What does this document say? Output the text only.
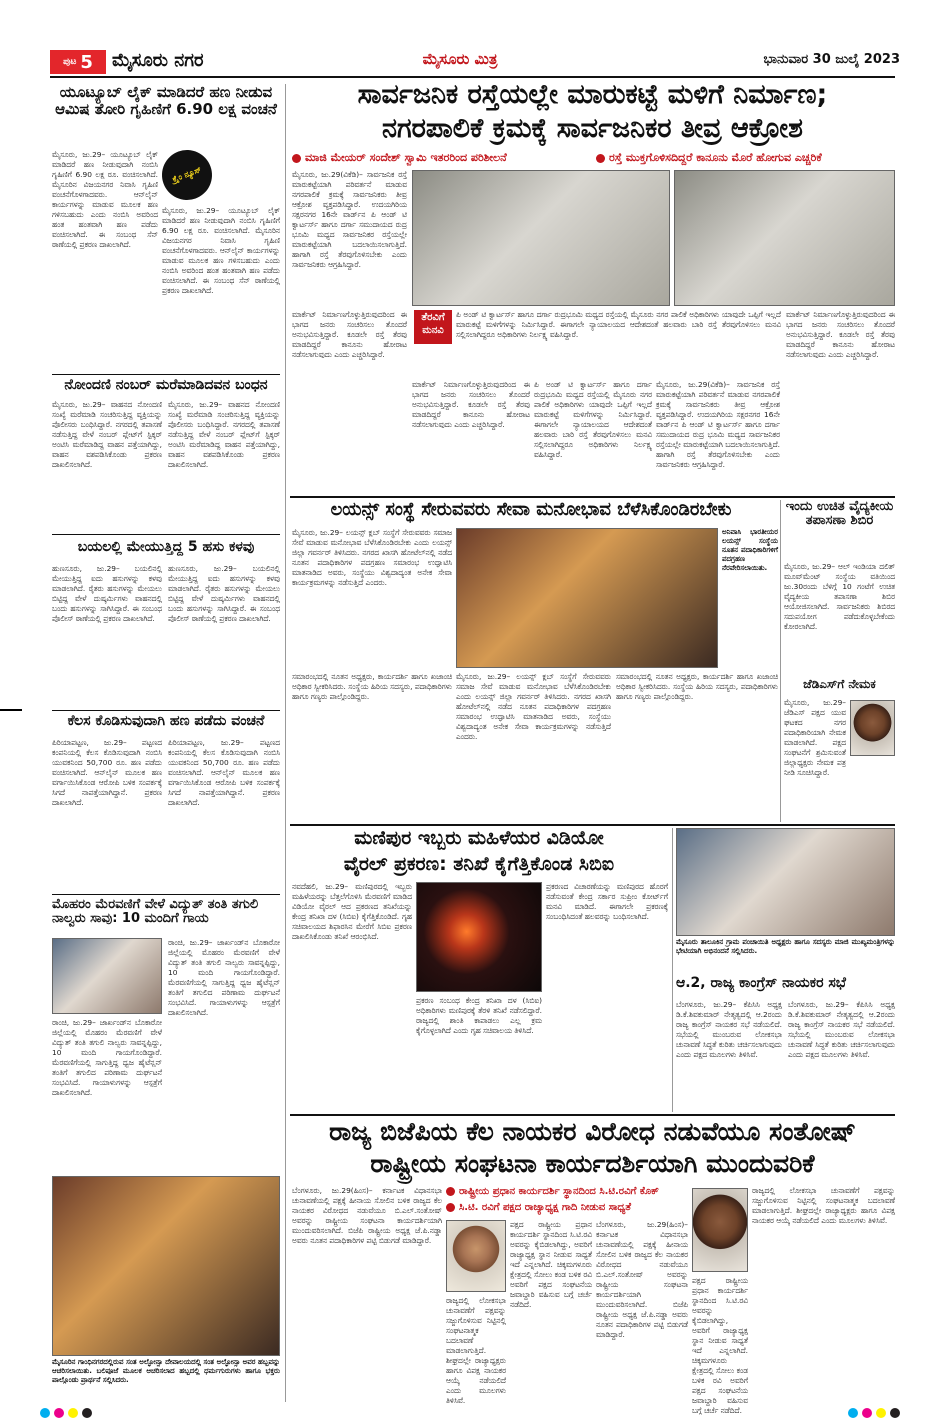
ಪುಟ 5 ಮೈಸೂರು ನಗರ	ಮೈಸೂರು ಮಿತ್ರ	ಭಾನುವಾರ 30 ಜುಲೈ 2023
ಯೂಟ್ಯೂಬ್ ಲೈಕ್ ಮಾಡಿದರೆ ಹಣ ನೀಡುವ ಆಮಿಷ ತೋರಿ ಗೃಹಿಣಿಗೆ 6.90 ಲಕ್ಷ ವಂಚನೆ
ಮೈಸೂರು, ಜು.29– ಯೂಟ್ಯೂಬ್ ಲೈಕ್ ಮಾಡಿದರೆ ಹಣ ನೀಡುವುದಾಗಿ ನಂಬಿಸಿ ಗೃಹಿಣಿಗೆ 6.90 ಲಕ್ಷ ರೂ. ವಂಚಿಸಲಾಗಿದೆ. ಮೈಸೂರಿನ ವಿಜಯನಗರ ನಿವಾಸಿ ಗೃಹಿಣಿ ವಂಚನೆಗೊಳಗಾದವರು. ಆನ್‌ಲೈನ್ ಕಾರ್ಯಗಳನ್ನು ಮಾಡುವ ಮೂಲಕ ಹಣ ಗಳಿಸಬಹುದು ಎಂದು ನಂಬಿಸಿ ಅವರಿಂದ ಹಂತ ಹಂತವಾಗಿ ಹಣ ಪಡೆದು ವಂಚಿಸಲಾಗಿದೆ. ಈ ಸಂಬಂಧ ಸೆನ್ ಠಾಣೆಯಲ್ಲಿ ಪ್ರಕರಣ ದಾಖಲಾಗಿದೆ.
ಕ್ರೈಂ ನ್ಯೂಸ್
ಮೈಸೂರು, ಜು.29– ಯೂಟ್ಯೂಬ್ ಲೈಕ್ ಮಾಡಿದರೆ ಹಣ ನೀಡುವುದಾಗಿ ನಂಬಿಸಿ ಗೃಹಿಣಿಗೆ 6.90 ಲಕ್ಷ ರೂ. ವಂಚಿಸಲಾಗಿದೆ. ಮೈಸೂರಿನ ವಿಜಯನಗರ ನಿವಾಸಿ ಗೃಹಿಣಿ ವಂಚನೆಗೊಳಗಾದವರು. ಆನ್‌ಲೈನ್ ಕಾರ್ಯಗಳನ್ನು ಮಾಡುವ ಮೂಲಕ ಹಣ ಗಳಿಸಬಹುದು ಎಂದು ನಂಬಿಸಿ ಅವರಿಂದ ಹಂತ ಹಂತವಾಗಿ ಹಣ ಪಡೆದು ವಂಚಿಸಲಾಗಿದೆ. ಈ ಸಂಬಂಧ ಸೆನ್ ಠಾಣೆಯಲ್ಲಿ ಪ್ರಕರಣ ದಾಖಲಾಗಿದೆ.
ನೋಂದಣಿ ನಂಬರ್ ಮರೆಮಾಡಿದವನ ಬಂಧನ
ಮೈಸೂರು, ಜು.29– ವಾಹನದ ನೋಂದಣಿ ಸಂಖ್ಯೆ ಮರೆಮಾಡಿ ಸಂಚರಿಸುತ್ತಿದ್ದ ವ್ಯಕ್ತಿಯನ್ನು ಪೊಲೀಸರು ಬಂಧಿಸಿದ್ದಾರೆ. ನಗರದಲ್ಲಿ ತಪಾಸಣೆ ನಡೆಸುತ್ತಿದ್ದ ವೇಳೆ ನಂಬರ್ ಪ್ಲೇಟ್‌ಗೆ ಸ್ಟಿಕ್ಕರ್ ಅಂಟಿಸಿ ಮರೆಮಾಡಿದ್ದ ವಾಹನ ಪತ್ತೆಯಾಗಿದ್ದು, ವಾಹನ ವಶಪಡಿಸಿಕೊಂಡು ಪ್ರಕರಣ ದಾಖಲಿಸಲಾಗಿದೆ.
ಮೈಸೂರು, ಜು.29– ವಾಹನದ ನೋಂದಣಿ ಸಂಖ್ಯೆ ಮರೆಮಾಡಿ ಸಂಚರಿಸುತ್ತಿದ್ದ ವ್ಯಕ್ತಿಯನ್ನು ಪೊಲೀಸರು ಬಂಧಿಸಿದ್ದಾರೆ. ನಗರದಲ್ಲಿ ತಪಾಸಣೆ ನಡೆಸುತ್ತಿದ್ದ ವೇಳೆ ನಂಬರ್ ಪ್ಲೇಟ್‌ಗೆ ಸ್ಟಿಕ್ಕರ್ ಅಂಟಿಸಿ ಮರೆಮಾಡಿದ್ದ ವಾಹನ ಪತ್ತೆಯಾಗಿದ್ದು, ವಾಹನ ವಶಪಡಿಸಿಕೊಂಡು ಪ್ರಕರಣ ದಾಖಲಿಸಲಾಗಿದೆ.
ಬಯಲಲ್ಲಿ ಮೇಯುತ್ತಿದ್ದ 5 ಹಸು ಕಳವು
ಹುಣಸೂರು, ಜು.29– ಬಯಲಿನಲ್ಲಿ ಮೇಯುತ್ತಿದ್ದ ಐದು ಹಸುಗಳನ್ನು ಕಳವು ಮಾಡಲಾಗಿದೆ. ರೈತರು ಹಸುಗಳನ್ನು ಮೇಯಲು ಬಿಟ್ಟಿದ್ದ ವೇಳೆ ದುಷ್ಕರ್ಮಿಗಳು ವಾಹನದಲ್ಲಿ ಬಂದು ಹಸುಗಳನ್ನು ಸಾಗಿಸಿದ್ದಾರೆ. ಈ ಸಂಬಂಧ ಪೊಲೀಸ್ ಠಾಣೆಯಲ್ಲಿ ಪ್ರಕರಣ ದಾಖಲಾಗಿದೆ.
ಹುಣಸೂರು, ಜು.29– ಬಯಲಿನಲ್ಲಿ ಮೇಯುತ್ತಿದ್ದ ಐದು ಹಸುಗಳನ್ನು ಕಳವು ಮಾಡಲಾಗಿದೆ. ರೈತರು ಹಸುಗಳನ್ನು ಮೇಯಲು ಬಿಟ್ಟಿದ್ದ ವೇಳೆ ದುಷ್ಕರ್ಮಿಗಳು ವಾಹನದಲ್ಲಿ ಬಂದು ಹಸುಗಳನ್ನು ಸಾಗಿಸಿದ್ದಾರೆ. ಈ ಸಂಬಂಧ ಪೊಲೀಸ್ ಠಾಣೆಯಲ್ಲಿ ಪ್ರಕರಣ ದಾಖಲಾಗಿದೆ.
ಕೆಲಸ ಕೊಡಿಸುವುದಾಗಿ ಹಣ ಪಡೆದು ವಂಚನೆ
ಪಿರಿಯಾಪಟ್ಟಣ, ಜು.29– ಪಟ್ಟಣದ ಕಂಪನಿಯಲ್ಲಿ ಕೆಲಸ ಕೊಡಿಸುವುದಾಗಿ ನಂಬಿಸಿ ಯುವಕನಿಂದ 50,700 ರೂ. ಹಣ ಪಡೆದು ವಂಚಿಸಲಾಗಿದೆ. ಆನ್‌ಲೈನ್ ಮೂಲಕ ಹಣ ವರ್ಗಾಯಿಸಿಕೊಂಡ ಆರೋಪಿ ಬಳಿಕ ಸಂಪರ್ಕಕ್ಕೆ ಸಿಗದೆ ನಾಪತ್ತೆಯಾಗಿದ್ದಾನೆ. ಪ್ರಕರಣ ದಾಖಲಾಗಿದೆ.
ಪಿರಿಯಾಪಟ್ಟಣ, ಜು.29– ಪಟ್ಟಣದ ಕಂಪನಿಯಲ್ಲಿ ಕೆಲಸ ಕೊಡಿಸುವುದಾಗಿ ನಂಬಿಸಿ ಯುವಕನಿಂದ 50,700 ರೂ. ಹಣ ಪಡೆದು ವಂಚಿಸಲಾಗಿದೆ. ಆನ್‌ಲೈನ್ ಮೂಲಕ ಹಣ ವರ್ಗಾಯಿಸಿಕೊಂಡ ಆರೋಪಿ ಬಳಿಕ ಸಂಪರ್ಕಕ್ಕೆ ಸಿಗದೆ ನಾಪತ್ತೆಯಾಗಿದ್ದಾನೆ. ಪ್ರಕರಣ ದಾಖಲಾಗಿದೆ.
ಮೊಹರಂ ಮೆರವಣಿಗೆ ವೇಳೆ ವಿದ್ಯುತ್ ತಂತಿ ತಗುಲಿ ನಾಲ್ವರು ಸಾವು: 10 ಮಂದಿಗೆ ಗಾಯ
ರಾಂಚಿ, ಜು.29– ಜಾರ್ಖಂಡ್‌ನ ಬೊಕಾರೋ ಜಿಲ್ಲೆಯಲ್ಲಿ ಮೊಹರಂ ಮೆರವಣಿಗೆ ವೇಳೆ ವಿದ್ಯುತ್ ತಂತಿ ತಗುಲಿ ನಾಲ್ವರು ಸಾವನ್ನಪ್ಪಿದ್ದು, 10 ಮಂದಿ ಗಾಯಗೊಂಡಿದ್ದಾರೆ. ಮೆರವಣಿಗೆಯಲ್ಲಿ ಸಾಗುತ್ತಿದ್ದ ಧ್ವಜ ಹೈಟೆನ್ಷನ್ ತಂತಿಗೆ ತಗುಲಿದ ಪರಿಣಾಮ ದುರ್ಘಟನೆ ಸಂಭವಿಸಿದೆ. ಗಾಯಾಳುಗಳನ್ನು ಆಸ್ಪತ್ರೆಗೆ ದಾಖಲಿಸಲಾಗಿದೆ.
ರಾಂಚಿ, ಜು.29– ಜಾರ್ಖಂಡ್‌ನ ಬೊಕಾರೋ ಜಿಲ್ಲೆಯಲ್ಲಿ ಮೊಹರಂ ಮೆರವಣಿಗೆ ವೇಳೆ ವಿದ್ಯುತ್ ತಂತಿ ತಗುಲಿ ನಾಲ್ವರು ಸಾವನ್ನಪ್ಪಿದ್ದು, 10 ಮಂದಿ ಗಾಯಗೊಂಡಿದ್ದಾರೆ. ಮೆರವಣಿಗೆಯಲ್ಲಿ ಸಾಗುತ್ತಿದ್ದ ಧ್ವಜ ಹೈಟೆನ್ಷನ್ ತಂತಿಗೆ ತಗುಲಿದ ಪರಿಣಾಮ ದುರ್ಘಟನೆ ಸಂಭವಿಸಿದೆ. ಗಾಯಾಳುಗಳನ್ನು ಆಸ್ಪತ್ರೆಗೆ ದಾಖಲಿಸಲಾಗಿದೆ.
ಮೈಸೂರಿನ ಗಾಂಧಿನಗರದಲ್ಲಿರುವ ಸಂತ ಅಲ್ಫೋನ್ಸಾ ದೇವಾಲಯದಲ್ಲಿ ಸಂತ ಅಲ್ಫೋನ್ಸಾ ಅವರ ಹಬ್ಬವನ್ನು ಆಚರಿಸಲಾಯಿತು. ಬಲಿಪೂಜೆ ಮೂಲಕ ಆಚರಿಸಲಾದ ಹಬ್ಬದಲ್ಲಿ ಧರ್ಮಗುರುಗಳು ಹಾಗೂ ಭಕ್ತರು ಪಾಲ್ಗೊಂಡು ಪ್ರಾರ್ಥನೆ ಸಲ್ಲಿಸಿದರು.
ಸಾರ್ವಜನಿಕ ರಸ್ತೆಯಲ್ಲೇ ಮಾರುಕಟ್ಟೆ ಮಳಿಗೆ ನಿರ್ಮಾಣ;
ನಗರಪಾಲಿಕೆ ಕ್ರಮಕ್ಕೆ ಸಾರ್ವಜನಿಕರ ತೀವ್ರ ಆಕ್ರೋಶ
ಮಾಜಿ ಮೇಯರ್ ಸಂದೇಶ್ ಸ್ವಾಮಿ ಇತರರಿಂದ ಪರಿಶೀಲನೆ	ರಸ್ತೆ ಮುಕ್ತಗೊಳಿಸದಿದ್ದರೆ ಕಾನೂನು ಮೊರೆ ಹೋಗುವ ಎಚ್ಚರಿಕೆ
ಮೈಸೂರು, ಜು.29(ವಿಕೆಡಿ)– ಸಾರ್ವಜನಿಕ ರಸ್ತೆ ಮಾರುಕಟ್ಟೆಯಾಗಿ ಪರಿವರ್ತನೆ ಮಾಡುವ ನಗರಪಾಲಿಕೆ ಕ್ರಮಕ್ಕೆ ಸಾರ್ವಜನಿಕರು ತೀವ್ರ ಆಕ್ರೋಶ ವ್ಯಕ್ತಪಡಿಸಿದ್ದಾರೆ. ಉದಯಗಿರಿಯ ಸಕ್ಷರನಗರ 16ನೇ ವಾರ್ಡ್‌ನ ಪಿ ಆಂಡ್ ಟಿ ಕ್ವಾರ್ಟರ್ಸ್ ಹಾಗೂ ದರ್ಗಾ ಸಮುದಾಯದ ರುದ್ರ ಭೂಮಿ ಮಧ್ಯದ ಸಾರ್ವಜನಿಕರ ರಸ್ತೆಯಲ್ಲೇ ಮಾರುಕಟ್ಟೆಯಾಗಿ ಬದಲಾಯಿಸಲಾಗುತ್ತಿದೆ. ಹಾಗಾಗಿ ರಸ್ತೆ ತೆರವುಗೊಳಿಸಬೇಕು ಎಂದು ಸಾರ್ವಜನಿಕರು ಆಗ್ರಹಿಸಿದ್ದಾರೆ.
ಮಾರ್ಕೆಟ್ ನಿರ್ಮಾಣಗೊಳ್ಳುತ್ತಿರುವುದರಿಂದ ಈ ಭಾಗದ ಜನರು ಸಂಚರಿಸಲು ತೊಂದರೆ ಅನುಭವಿಸುತ್ತಿದ್ದಾರೆ. ಕೂಡಲೇ ರಸ್ತೆ ತೆರವು ಮಾಡದಿದ್ದರೆ ಕಾನೂನು ಹೋರಾಟ ನಡೆಸಲಾಗುವುದು ಎಂದು ಎಚ್ಚರಿಸಿದ್ದಾರೆ.
ತೆರವಿಗೆ ಮನವಿ
ಪಿ ಅಂಡ್ ಟಿ ಕ್ವಾರ್ಟರ್ಸ್ ಹಾಗೂ ದರ್ಗಾ ರುದ್ರಭೂಮಿ ಮಧ್ಯದ ರಸ್ತೆಯಲ್ಲಿ ಮೈಸೂರು ನಗರ ಪಾಲಿಕೆ ಅಧಿಕಾರಿಗಳು ಯಾವುದೇ ಒಪ್ಪಿಗೆ ಇಲ್ಲದೆ ಮಾರುಕಟ್ಟೆ ಮಳಿಗೆಗಳನ್ನು ನಿರ್ಮಿಸಿದ್ದಾರೆ. ಈಗಾಗಲೇ ನ್ಯಾಯಾಲಯದ ಆದೇಶದಂತೆ ಹಲವಾರು ಬಾರಿ ರಸ್ತೆ ತೆರವುಗೊಳಿಸಲು ಮನವಿ ಸಲ್ಲಿಸಲಾಗಿದ್ದರೂ ಅಧಿಕಾರಿಗಳು ನಿರ್ಲಕ್ಷ್ಯ ವಹಿಸಿದ್ದಾರೆ.
ಮಾರ್ಕೆಟ್ ನಿರ್ಮಾಣಗೊಳ್ಳುತ್ತಿರುವುದರಿಂದ ಈ ಭಾಗದ ಜನರು ಸಂಚರಿಸಲು ತೊಂದರೆ ಅನುಭವಿಸುತ್ತಿದ್ದಾರೆ. ಕೂಡಲೇ ರಸ್ತೆ ತೆರವು ಮಾಡದಿದ್ದರೆ ಕಾನೂನು ಹೋರಾಟ ನಡೆಸಲಾಗುವುದು ಎಂದು ಎಚ್ಚರಿಸಿದ್ದಾರೆ.
ಪಿ ಅಂಡ್ ಟಿ ಕ್ವಾರ್ಟರ್ಸ್ ಹಾಗೂ ದರ್ಗಾ ರುದ್ರಭೂಮಿ ಮಧ್ಯದ ರಸ್ತೆಯಲ್ಲಿ ಮೈಸೂರು ನಗರ ಪಾಲಿಕೆ ಅಧಿಕಾರಿಗಳು ಯಾವುದೇ ಒಪ್ಪಿಗೆ ಇಲ್ಲದೆ ಮಾರುಕಟ್ಟೆ ಮಳಿಗೆಗಳನ್ನು ನಿರ್ಮಿಸಿದ್ದಾರೆ. ಈಗಾಗಲೇ ನ್ಯಾಯಾಲಯದ ಆದೇಶದಂತೆ ಹಲವಾರು ಬಾರಿ ರಸ್ತೆ ತೆರವುಗೊಳಿಸಲು ಮನವಿ ಸಲ್ಲಿಸಲಾಗಿದ್ದರೂ ಅಧಿಕಾರಿಗಳು ನಿರ್ಲಕ್ಷ್ಯ ವಹಿಸಿದ್ದಾರೆ.
ಮೈಸೂರು, ಜು.29(ವಿಕೆಡಿ)– ಸಾರ್ವಜನಿಕ ರಸ್ತೆ ಮಾರುಕಟ್ಟೆಯಾಗಿ ಪರಿವರ್ತನೆ ಮಾಡುವ ನಗರಪಾಲಿಕೆ ಕ್ರಮಕ್ಕೆ ಸಾರ್ವಜನಿಕರು ತೀವ್ರ ಆಕ್ರೋಶ ವ್ಯಕ್ತಪಡಿಸಿದ್ದಾರೆ. ಉದಯಗಿರಿಯ ಸಕ್ಷರನಗರ 16ನೇ ವಾರ್ಡ್‌ನ ಪಿ ಆಂಡ್ ಟಿ ಕ್ವಾರ್ಟರ್ಸ್ ಹಾಗೂ ದರ್ಗಾ ಸಮುದಾಯದ ರುದ್ರ ಭೂಮಿ ಮಧ್ಯದ ಸಾರ್ವಜನಿಕರ ರಸ್ತೆಯಲ್ಲೇ ಮಾರುಕಟ್ಟೆಯಾಗಿ ಬದಲಾಯಿಸಲಾಗುತ್ತಿದೆ. ಹಾಗಾಗಿ ರಸ್ತೆ ತೆರವುಗೊಳಿಸಬೇಕು ಎಂದು ಸಾರ್ವಜನಿಕರು ಆಗ್ರಹಿಸಿದ್ದಾರೆ.
ಮಾರ್ಕೆಟ್ ನಿರ್ಮಾಣಗೊಳ್ಳುತ್ತಿರುವುದರಿಂದ ಈ ಭಾಗದ ಜನರು ಸಂಚರಿಸಲು ತೊಂದರೆ ಅನುಭವಿಸುತ್ತಿದ್ದಾರೆ. ಕೂಡಲೇ ರಸ್ತೆ ತೆರವು ಮಾಡದಿದ್ದರೆ ಕಾನೂನು ಹೋರಾಟ ನಡೆಸಲಾಗುವುದು ಎಂದು ಎಚ್ಚರಿಸಿದ್ದಾರೆ.
ಲಯನ್ಸ್ ಸಂಸ್ಥೆ ಸೇರುವವರು ಸೇವಾ ಮನೋಭಾವ ಬೆಳೆಸಿಕೊಂಡಿರಬೇಕು
ಮೈಸೂರು, ಜು.29– ಲಯನ್ಸ್ ಕ್ಲಬ್ ಸಂಸ್ಥೆಗೆ ಸೇರುವವರು ಸಮಾಜ ಸೇವೆ ಮಾಡುವ ಮನೋಭಾವ ಬೆಳೆಸಿಕೊಂಡಿರಬೇಕು ಎಂದು ಲಯನ್ಸ್ ಜಿಲ್ಲಾ ಗವರ್ನರ್ ತಿಳಿಸಿದರು. ನಗರದ ಖಾಸಗಿ ಹೋಟೆಲ್‌ನಲ್ಲಿ ನಡೆದ ನೂತನ ಪದಾಧಿಕಾರಿಗಳ ಪದಗ್ರಹಣ ಸಮಾರಂಭ ಉದ್ಘಾಟಿಸಿ ಮಾತನಾಡಿದ ಅವರು, ಸಂಸ್ಥೆಯು ವಿಶ್ವದಾದ್ಯಂತ ಅನೇಕ ಸೇವಾ ಕಾರ್ಯಕ್ರಮಗಳನ್ನು ನಡೆಸುತ್ತಿದೆ ಎಂದರು.
ಅನಿವಾಸಿ ಭಾರತೀಯರ ಲಯನ್ಸ್ ಸಂಸ್ಥೆಯ ನೂತನ ಪದಾಧಿಕಾರಿಗಳಿಗೆ ಪದಗ್ರಹಣ ನೆರವೇರಿಸಲಾಯಿತು.
ಸಮಾರಂಭದಲ್ಲಿ ನೂತನ ಅಧ್ಯಕ್ಷರು, ಕಾರ್ಯದರ್ಶಿ ಹಾಗೂ ಖಜಾಂಚಿ ಅಧಿಕಾರ ಸ್ವೀಕರಿಸಿದರು. ಸಂಸ್ಥೆಯ ಹಿರಿಯ ಸದಸ್ಯರು, ಪದಾಧಿಕಾರಿಗಳು ಹಾಗೂ ಗಣ್ಯರು ಪಾಲ್ಗೊಂಡಿದ್ದರು.
ಮೈಸೂರು, ಜು.29– ಲಯನ್ಸ್ ಕ್ಲಬ್ ಸಂಸ್ಥೆಗೆ ಸೇರುವವರು ಸಮಾಜ ಸೇವೆ ಮಾಡುವ ಮನೋಭಾವ ಬೆಳೆಸಿಕೊಂಡಿರಬೇಕು ಎಂದು ಲಯನ್ಸ್ ಜಿಲ್ಲಾ ಗವರ್ನರ್ ತಿಳಿಸಿದರು. ನಗರದ ಖಾಸಗಿ ಹೋಟೆಲ್‌ನಲ್ಲಿ ನಡೆದ ನೂತನ ಪದಾಧಿಕಾರಿಗಳ ಪದಗ್ರಹಣ ಸಮಾರಂಭ ಉದ್ಘಾಟಿಸಿ ಮಾತನಾಡಿದ ಅವರು, ಸಂಸ್ಥೆಯು ವಿಶ್ವದಾದ್ಯಂತ ಅನೇಕ ಸೇವಾ ಕಾರ್ಯಕ್ರಮಗಳನ್ನು ನಡೆಸುತ್ತಿದೆ ಎಂದರು.
ಸಮಾರಂಭದಲ್ಲಿ ನೂತನ ಅಧ್ಯಕ್ಷರು, ಕಾರ್ಯದರ್ಶಿ ಹಾಗೂ ಖಜಾಂಚಿ ಅಧಿಕಾರ ಸ್ವೀಕರಿಸಿದರು. ಸಂಸ್ಥೆಯ ಹಿರಿಯ ಸದಸ್ಯರು, ಪದಾಧಿಕಾರಿಗಳು ಹಾಗೂ ಗಣ್ಯರು ಪಾಲ್ಗೊಂಡಿದ್ದರು.
ಇಂದು ಉಚಿತ ವೈದ್ಯಕೀಯ ತಪಾಸಣಾ ಶಿಬಿರ
ಮೈಸೂರು, ಜು.29– ಆಲ್ ಇಂಡಿಯಾ ದಲಿತ್ ಮೂವ್‌ಮೆಂಟ್ ಸಂಸ್ಥೆಯ ವತಿಯಿಂದ ಜು.30ರಂದು ಬೆಳಿಗ್ಗೆ 10 ಗಂಟೆಗೆ ಉಚಿತ ವೈದ್ಯಕೀಯ ತಪಾಸಣಾ ಶಿಬಿರ ಆಯೋಜಿಸಲಾಗಿದೆ. ಸಾರ್ವಜನಿಕರು ಶಿಬಿರದ ಸದುಪಯೋಗ ಪಡೆದುಕೊಳ್ಳಬೇಕೆಂದು ಕೋರಲಾಗಿದೆ.
ಜೆಡಿಎಸ್‌ಗೆ ನೇಮಕ
ಮೈಸೂರು, ಜು.29– ಜೆಡಿಎಸ್ ಪಕ್ಷದ ಯುವ ಘಟಕದ ನಗರ ಪದಾಧಿಕಾರಿಯಾಗಿ ನೇಮಕ ಮಾಡಲಾಗಿದೆ. ಪಕ್ಷದ ಸಂಘಟನೆಗೆ ಶ್ರಮಿಸುವಂತೆ ಜಿಲ್ಲಾಧ್ಯಕ್ಷರು ನೇಮಕ ಪತ್ರ ನೀಡಿ ಸೂಚಿಸಿದ್ದಾರೆ.
ಮಣಿಪುರ ಇಬ್ಬರು ಮಹಿಳೆಯರ ವಿಡಿಯೋ
ವೈರಲ್ ಪ್ರಕರಣ: ತನಿಖೆ ಕೈಗೆತ್ತಿಕೊಂಡ ಸಿಬಿಐ
ನವದೆಹಲಿ, ಜು.29– ಮಣಿಪುರದಲ್ಲಿ ಇಬ್ಬರು ಮಹಿಳೆಯರನ್ನು ಬೆತ್ತಲೆಗೊಳಿಸಿ ಮೆರವಣಿಗೆ ಮಾಡಿದ ವಿಡಿಯೋ ವೈರಲ್ ಆದ ಪ್ರಕರಣದ ತನಿಖೆಯನ್ನು ಕೇಂದ್ರ ತನಿಖಾ ದಳ (ಸಿಬಿಐ) ಕೈಗೆತ್ತಿಕೊಂಡಿದೆ. ಗೃಹ ಸಚಿವಾಲಯದ ಶಿಫಾರಸಿನ ಮೇರೆಗೆ ಸಿಬಿಐ ಪ್ರಕರಣ ದಾಖಲಿಸಿಕೊಂಡು ತನಿಖೆ ಆರಂಭಿಸಿದೆ.
ಪ್ರಕರಣದ ವಿಚಾರಣೆಯನ್ನು ಮಣಿಪುರದ ಹೊರಗೆ ನಡೆಸುವಂತೆ ಕೇಂದ್ರ ಸರ್ಕಾರ ಸುಪ್ರೀಂ ಕೋರ್ಟ್‌ಗೆ ಮನವಿ ಮಾಡಿದೆ. ಈಗಾಗಲೇ ಪ್ರಕರಣಕ್ಕೆ ಸಂಬಂಧಿಸಿದಂತೆ ಹಲವರನ್ನು ಬಂಧಿಸಲಾಗಿದೆ.
ಪ್ರಕರಣ ಸಂಬಂಧ ಕೇಂದ್ರ ತನಿಖಾ ದಳ (ಸಿಬಿಐ) ಅಧಿಕಾರಿಗಳು ಮಣಿಪುರಕ್ಕೆ ತೆರಳಿ ತನಿಖೆ ನಡೆಸಲಿದ್ದಾರೆ. ರಾಜ್ಯದಲ್ಲಿ ಶಾಂತಿ ಕಾಪಾಡಲು ಎಲ್ಲ ಕ್ರಮ ಕೈಗೊಳ್ಳಲಾಗಿದೆ ಎಂದು ಗೃಹ ಸಚಿವಾಲಯ ತಿಳಿಸಿದೆ.
ಮೈಸೂರು ತಾಲೂಕಿನ ಗ್ರಾಮ ಪಂಚಾಯಿತಿ ಅಧ್ಯಕ್ಷರು ಹಾಗೂ ಸದಸ್ಯರು ಮಾಜಿ ಮುಖ್ಯಮಂತ್ರಿಗಳನ್ನು ಭೇಟಿಯಾಗಿ ಅಭಿನಂದನೆ ಸಲ್ಲಿಸಿದರು.
ಆ.2, ರಾಜ್ಯ ಕಾಂಗ್ರೆಸ್ ನಾಯಕರ ಸಭೆ
ಬೆಂಗಳೂರು, ಜು.29– ಕೆಪಿಸಿಸಿ ಅಧ್ಯಕ್ಷ ಡಿ.ಕೆ.ಶಿವಕುಮಾರ್ ನೇತೃತ್ವದಲ್ಲಿ ಆ.2ರಂದು ರಾಜ್ಯ ಕಾಂಗ್ರೆಸ್ ನಾಯಕರ ಸಭೆ ನಡೆಯಲಿದೆ. ಸಭೆಯಲ್ಲಿ ಮುಂಬರುವ ಲೋಕಸಭಾ ಚುನಾವಣೆ ಸಿದ್ಧತೆ ಕುರಿತು ಚರ್ಚಿಸಲಾಗುವುದು ಎಂದು ಪಕ್ಷದ ಮೂಲಗಳು ತಿಳಿಸಿವೆ.
ಬೆಂಗಳೂರು, ಜು.29– ಕೆಪಿಸಿಸಿ ಅಧ್ಯಕ್ಷ ಡಿ.ಕೆ.ಶಿವಕುಮಾರ್ ನೇತೃತ್ವದಲ್ಲಿ ಆ.2ರಂದು ರಾಜ್ಯ ಕಾಂಗ್ರೆಸ್ ನಾಯಕರ ಸಭೆ ನಡೆಯಲಿದೆ. ಸಭೆಯಲ್ಲಿ ಮುಂಬರುವ ಲೋಕಸಭಾ ಚುನಾವಣೆ ಸಿದ್ಧತೆ ಕುರಿತು ಚರ್ಚಿಸಲಾಗುವುದು ಎಂದು ಪಕ್ಷದ ಮೂಲಗಳು ತಿಳಿಸಿವೆ.
ರಾಜ್ಯ ಬಿಜೆಪಿಯ ಕೆಲ ನಾಯಕರ ವಿರೋಧ ನಡುವೆಯೂ ಸಂತೋಷ್
ರಾಷ್ಟ್ರೀಯ ಸಂಘಟನಾ ಕಾರ್ಯದರ್ಶಿಯಾಗಿ ಮುಂದುವರಿಕೆ
ಬೆಂಗಳೂರು, ಜು.29(ಹಿಂಸ)– ಕರ್ನಾಟಕ ವಿಧಾನಸಭಾ ಚುನಾವಣೆಯಲ್ಲಿ ಪಕ್ಷಕ್ಕೆ ಹೀನಾಯ ಸೋಲಿನ ಬಳಿಕ ರಾಜ್ಯದ ಕೆಲ ನಾಯಕರ ವಿರೋಧದ ನಡುವೆಯೂ ಬಿ.ಎಲ್.ಸಂತೋಷ್ ಅವರನ್ನು ರಾಷ್ಟ್ರೀಯ ಸಂಘಟನಾ ಕಾರ್ಯದರ್ಶಿಯಾಗಿ ಮುಂದುವರಿಸಲಾಗಿದೆ. ಬಿಜೆಪಿ ರಾಷ್ಟ್ರೀಯ ಅಧ್ಯಕ್ಷ ಜೆ.ಪಿ.ನಡ್ಡಾ ಅವರು ನೂತನ ಪದಾಧಿಕಾರಿಗಳ ಪಟ್ಟಿ ಬಿಡುಗಡೆ ಮಾಡಿದ್ದಾರೆ.
ರಾಷ್ಟ್ರೀಯ ಪ್ರಧಾನ ಕಾರ್ಯದರ್ಶಿ ಸ್ಥಾನದಿಂದ ಸಿ.ಟಿ.ರವಿಗೆ ಕೊಕ್
ಸಿ.ಟಿ. ರವಿಗೆ ಪಕ್ಷದ ರಾಜ್ಯಾಧ್ಯಕ್ಷ ಗಾದಿ ನೀಡುವ ಸಾಧ್ಯತೆ
ಪಕ್ಷದ ರಾಷ್ಟ್ರೀಯ ಪ್ರಧಾನ ಕಾರ್ಯದರ್ಶಿ ಸ್ಥಾನದಿಂದ ಸಿ.ಟಿ.ರವಿ ಅವರನ್ನು ಕೈಬಿಡಲಾಗಿದ್ದು, ಅವರಿಗೆ ರಾಜ್ಯಾಧ್ಯಕ್ಷ ಸ್ಥಾನ ನೀಡುವ ಸಾಧ್ಯತೆ ಇದೆ ಎನ್ನಲಾಗಿದೆ. ಚಿಕ್ಕಮಗಳೂರು ಕ್ಷೇತ್ರದಲ್ಲಿ ಸೋಲು ಕಂಡ ಬಳಿಕ ರವಿ ಅವರಿಗೆ ಪಕ್ಷದ ಸಂಘಟನೆಯ ಜವಾಬ್ದಾರಿ ವಹಿಸುವ ಬಗ್ಗೆ ಚರ್ಚೆ ನಡೆದಿದೆ.
ರಾಜ್ಯದಲ್ಲಿ ಲೋಕಸಭಾ ಚುನಾವಣೆಗೆ ಪಕ್ಷವನ್ನು ಸಜ್ಜುಗೊಳಿಸುವ ನಿಟ್ಟಿನಲ್ಲಿ ಸಂಘಟನಾತ್ಮಕ ಬದಲಾವಣೆ ಮಾಡಲಾಗುತ್ತಿದೆ. ಶೀಘ್ರದಲ್ಲೇ ರಾಜ್ಯಾಧ್ಯಕ್ಷರು ಹಾಗೂ ವಿಪಕ್ಷ ನಾಯಕರ ಆಯ್ಕೆ ನಡೆಯಲಿದೆ ಎಂದು ಮೂಲಗಳು ತಿಳಿಸಿವೆ.
ಬೆಂಗಳೂರು, ಜು.29(ಹಿಂಸ)– ಕರ್ನಾಟಕ ವಿಧಾನಸಭಾ ಚುನಾವಣೆಯಲ್ಲಿ ಪಕ್ಷಕ್ಕೆ ಹೀನಾಯ ಸೋಲಿನ ಬಳಿಕ ರಾಜ್ಯದ ಕೆಲ ನಾಯಕರ ವಿರೋಧದ ನಡುವೆಯೂ ಬಿ.ಎಲ್.ಸಂತೋಷ್ ಅವರನ್ನು ರಾಷ್ಟ್ರೀಯ ಸಂಘಟನಾ ಕಾರ್ಯದರ್ಶಿಯಾಗಿ ಮುಂದುವರಿಸಲಾಗಿದೆ. ಬಿಜೆಪಿ ರಾಷ್ಟ್ರೀಯ ಅಧ್ಯಕ್ಷ ಜೆ.ಪಿ.ನಡ್ಡಾ ಅವರು ನೂತನ ಪದಾಧಿಕಾರಿಗಳ ಪಟ್ಟಿ ಬಿಡುಗಡೆ ಮಾಡಿದ್ದಾರೆ.
ಪಕ್ಷದ ರಾಷ್ಟ್ರೀಯ ಪ್ರಧಾನ ಕಾರ್ಯದರ್ಶಿ ಸ್ಥಾನದಿಂದ ಸಿ.ಟಿ.ರವಿ ಅವರನ್ನು ಕೈಬಿಡಲಾಗಿದ್ದು, ಅವರಿಗೆ ರಾಜ್ಯಾಧ್ಯಕ್ಷ ಸ್ಥಾನ ನೀಡುವ ಸಾಧ್ಯತೆ ಇದೆ ಎನ್ನಲಾಗಿದೆ. ಚಿಕ್ಕಮಗಳೂರು ಕ್ಷೇತ್ರದಲ್ಲಿ ಸೋಲು ಕಂಡ ಬಳಿಕ ರವಿ ಅವರಿಗೆ ಪಕ್ಷದ ಸಂಘಟನೆಯ ಜವಾಬ್ದಾರಿ ವಹಿಸುವ ಬಗ್ಗೆ ಚರ್ಚೆ ನಡೆದಿದೆ.
ರಾಜ್ಯದಲ್ಲಿ ಲೋಕಸಭಾ ಚುನಾವಣೆಗೆ ಪಕ್ಷವನ್ನು ಸಜ್ಜುಗೊಳಿಸುವ ನಿಟ್ಟಿನಲ್ಲಿ ಸಂಘಟನಾತ್ಮಕ ಬದಲಾವಣೆ ಮಾಡಲಾಗುತ್ತಿದೆ. ಶೀಘ್ರದಲ್ಲೇ ರಾಜ್ಯಾಧ್ಯಕ್ಷರು ಹಾಗೂ ವಿಪಕ್ಷ ನಾಯಕರ ಆಯ್ಕೆ ನಡೆಯಲಿದೆ ಎಂದು ಮೂಲಗಳು ತಿಳಿಸಿವೆ.
